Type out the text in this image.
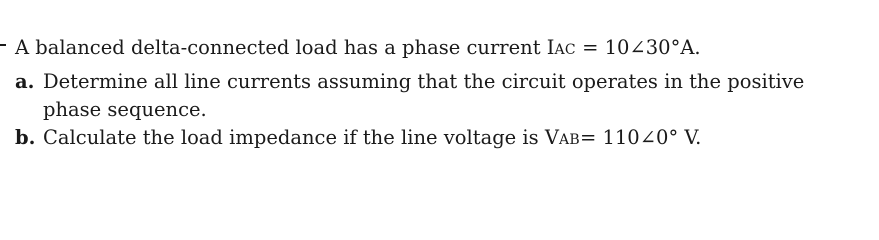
A balanced delta-connected load has a phase current IAC = 10∠30°A.
a. Determine all line currents assuming that the circuit operates in the positive
phase sequence.
b. Calculate the load impedance if the line voltage is VAB= 110∠0° V.
